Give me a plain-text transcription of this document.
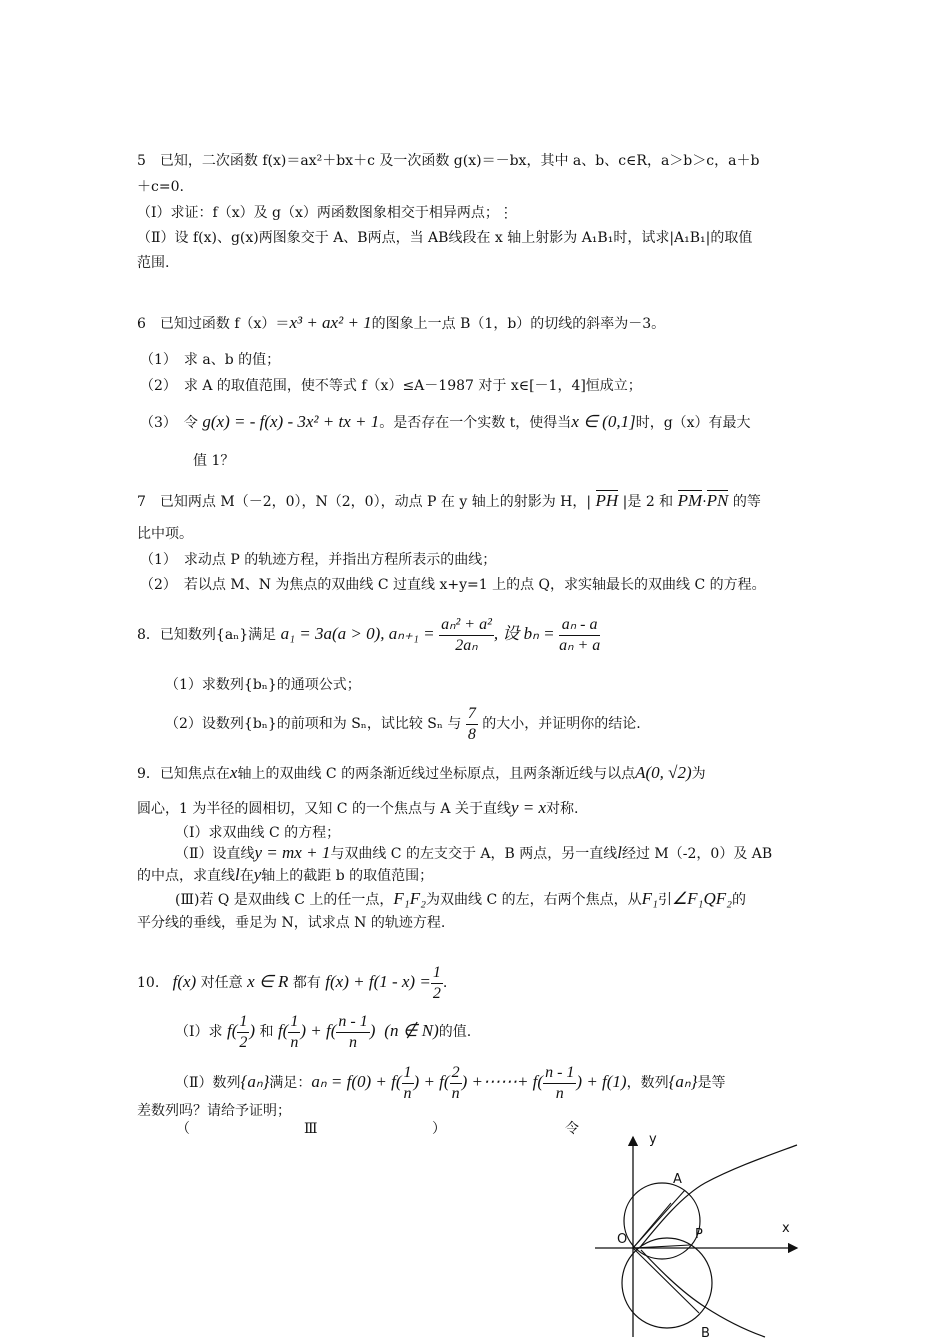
5　已知，二次函数 f(x)＝ax²＋bx＋c 及一次函数 g(x)＝－bx，其中 a、b、c∈R，a＞b＞c，a＋b
＋c=0.
（Ⅰ）求证：f（x）及 g（x）两函数图象相交于相异两点；⋮
（Ⅱ）设 f(x)、g(x)两图象交于 A、B两点，当 AB线段在 x 轴上射影为 A₁B₁时，试求|A₁B₁|的取值
范围.
6　已知过函数 f（x）＝x³ + ax² + 1的图象上一点 B（1，b）的切线的斜率为－3。
（1）　求 a、b 的值；
（2）　求 A 的取值范围，使不等式 f（x）≤A－1987 对于 x∈[－1，4]恒成立；
（3）　令 g(x) = - f(x) - 3x² + tx + 1。是否存在一个实数 t，使得当x ∈ (0,1]时，g（x）有最大
值 1？
7　已知两点 M（－2，0），N（2，0），动点 P 在 y 轴上的射影为 H，| PH |是 2 和 PM·PN 的等
比中项。
（1）　求动点 P 的轨迹方程，并指出方程所表示的曲线；
（2）　若以点 M、N 为焦点的双曲线 C 过直线 x+y=1 上的点 Q，求实轴最长的双曲线 C 的方程。
8．已知数列{aₙ}满足 a₁ = 3a(a > 0), $a_{n+1} = \frac{\text{aₙ² + a²}}{\text{2aₙ}}$ , 设 $b_n = \frac{\text{aₙ - a}}{\text{aₙ + a}}$
（1）求数列{bₙ}的通项公式；
（2）设数列{bₙ}的前项和为 Sₙ，试比较 Sₙ 与 $\frac{7}{8}$ 的大小，并证明你的结论.
9．已知焦点在x轴上的双曲线 C 的两条渐近线过坐标原点，且两条渐近线与以点A(0, √2)为
圆心，1 为半径的圆相切，又知 C 的一个焦点与 A 关于直线y = x对称.
（Ⅰ）求双曲线 C 的方程；
（Ⅱ）设直线y = mx + 1与双曲线 C 的左支交于 A，B 两点，另一直线l经过 M（-2，0）及 AB
的中点，求直线l在y轴上的截距 b 的取值范围；
(Ⅲ)若 Q 是双曲线 C 上的任一点，F₁F₂为双曲线 C 的左，右两个焦点，从F₁引∠F₁QF₂的
平分线的垂线，垂足为 N，试求点 N 的轨迹方程.
10. f(x) 对任意 x ∈ R 都有 $f(x) + f(1 - x) = \frac{1}{2}$ .
（Ⅰ）求 $f( \frac{1}{2}$ ) 和 $f( \frac{1}{n}$ ) + $f( \frac{n - 1}{n}$ ) (n ∉ N)的值.
（Ⅱ）数列{aₙ}满足：$a_n = f(0) + f( \frac{1}{n}$ ) + $f( \frac{2}{n}$ ) +⋯⋯+ $f( \frac{n - 1}{n}$ ) + f(1)，数列{aₙ}是等
差数列吗？请给予证明；
（	Ⅲ	）	令
y
x
A
O	P
B
